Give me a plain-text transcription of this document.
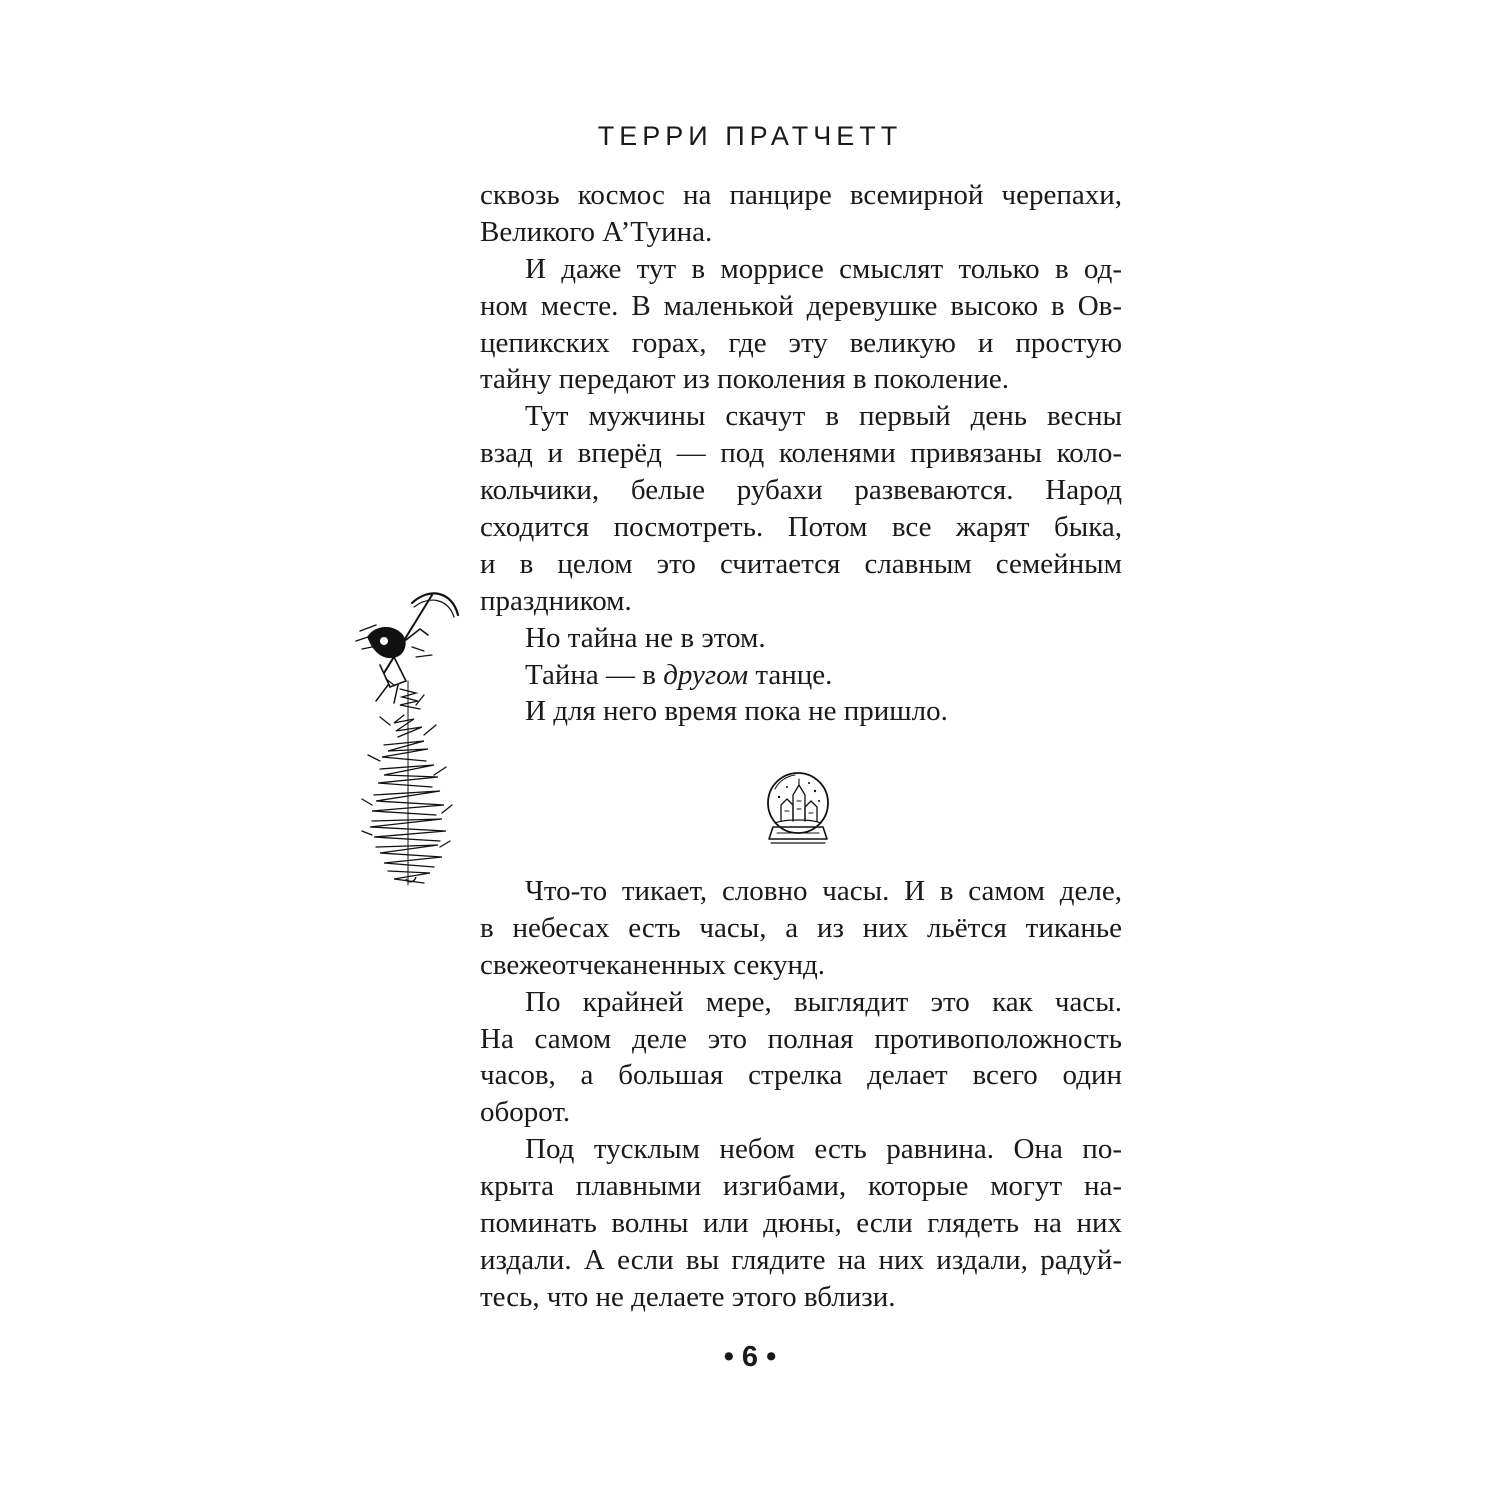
ТЕРРИ ПРАТЧЕТТ
сквозь космос на панцире всемирной черепахи,
Великого А’Туина.
И даже тут в моррисе смыслят только в од-
ном месте. В маленькой деревушке высоко в Ов-
цепикских горах, где эту великую и простую
тайну передают из поколения в поколение.
Тут мужчины скачут в первый день весны
взад и вперёд — под коленями привязаны коло-
кольчики, белые рубахи развеваются. Народ
сходится посмотреть. Потом все жарят быка,
и в целом это считается славным семейным
праздником.
Но тайна не в этом.
Тайна — в другом танце.
И для него время пока не пришло.
Что-то тикает, словно часы. И в самом деле,
в небесах есть часы, а из них льётся тиканье
свежеотчеканенных секунд.
По крайней мере, выглядит это как часы.
На самом деле это полная противоположность
часов, а большая стрелка делает всего один
оборот.
Под тусклым небом есть равнина. Она по-
крыта плавными изгибами, которые могут на-
поминать волны или дюны, если глядеть на них
издали. А если вы глядите на них издали, радуй-
тесь, что не делаете этого вблизи.
• 6 •
